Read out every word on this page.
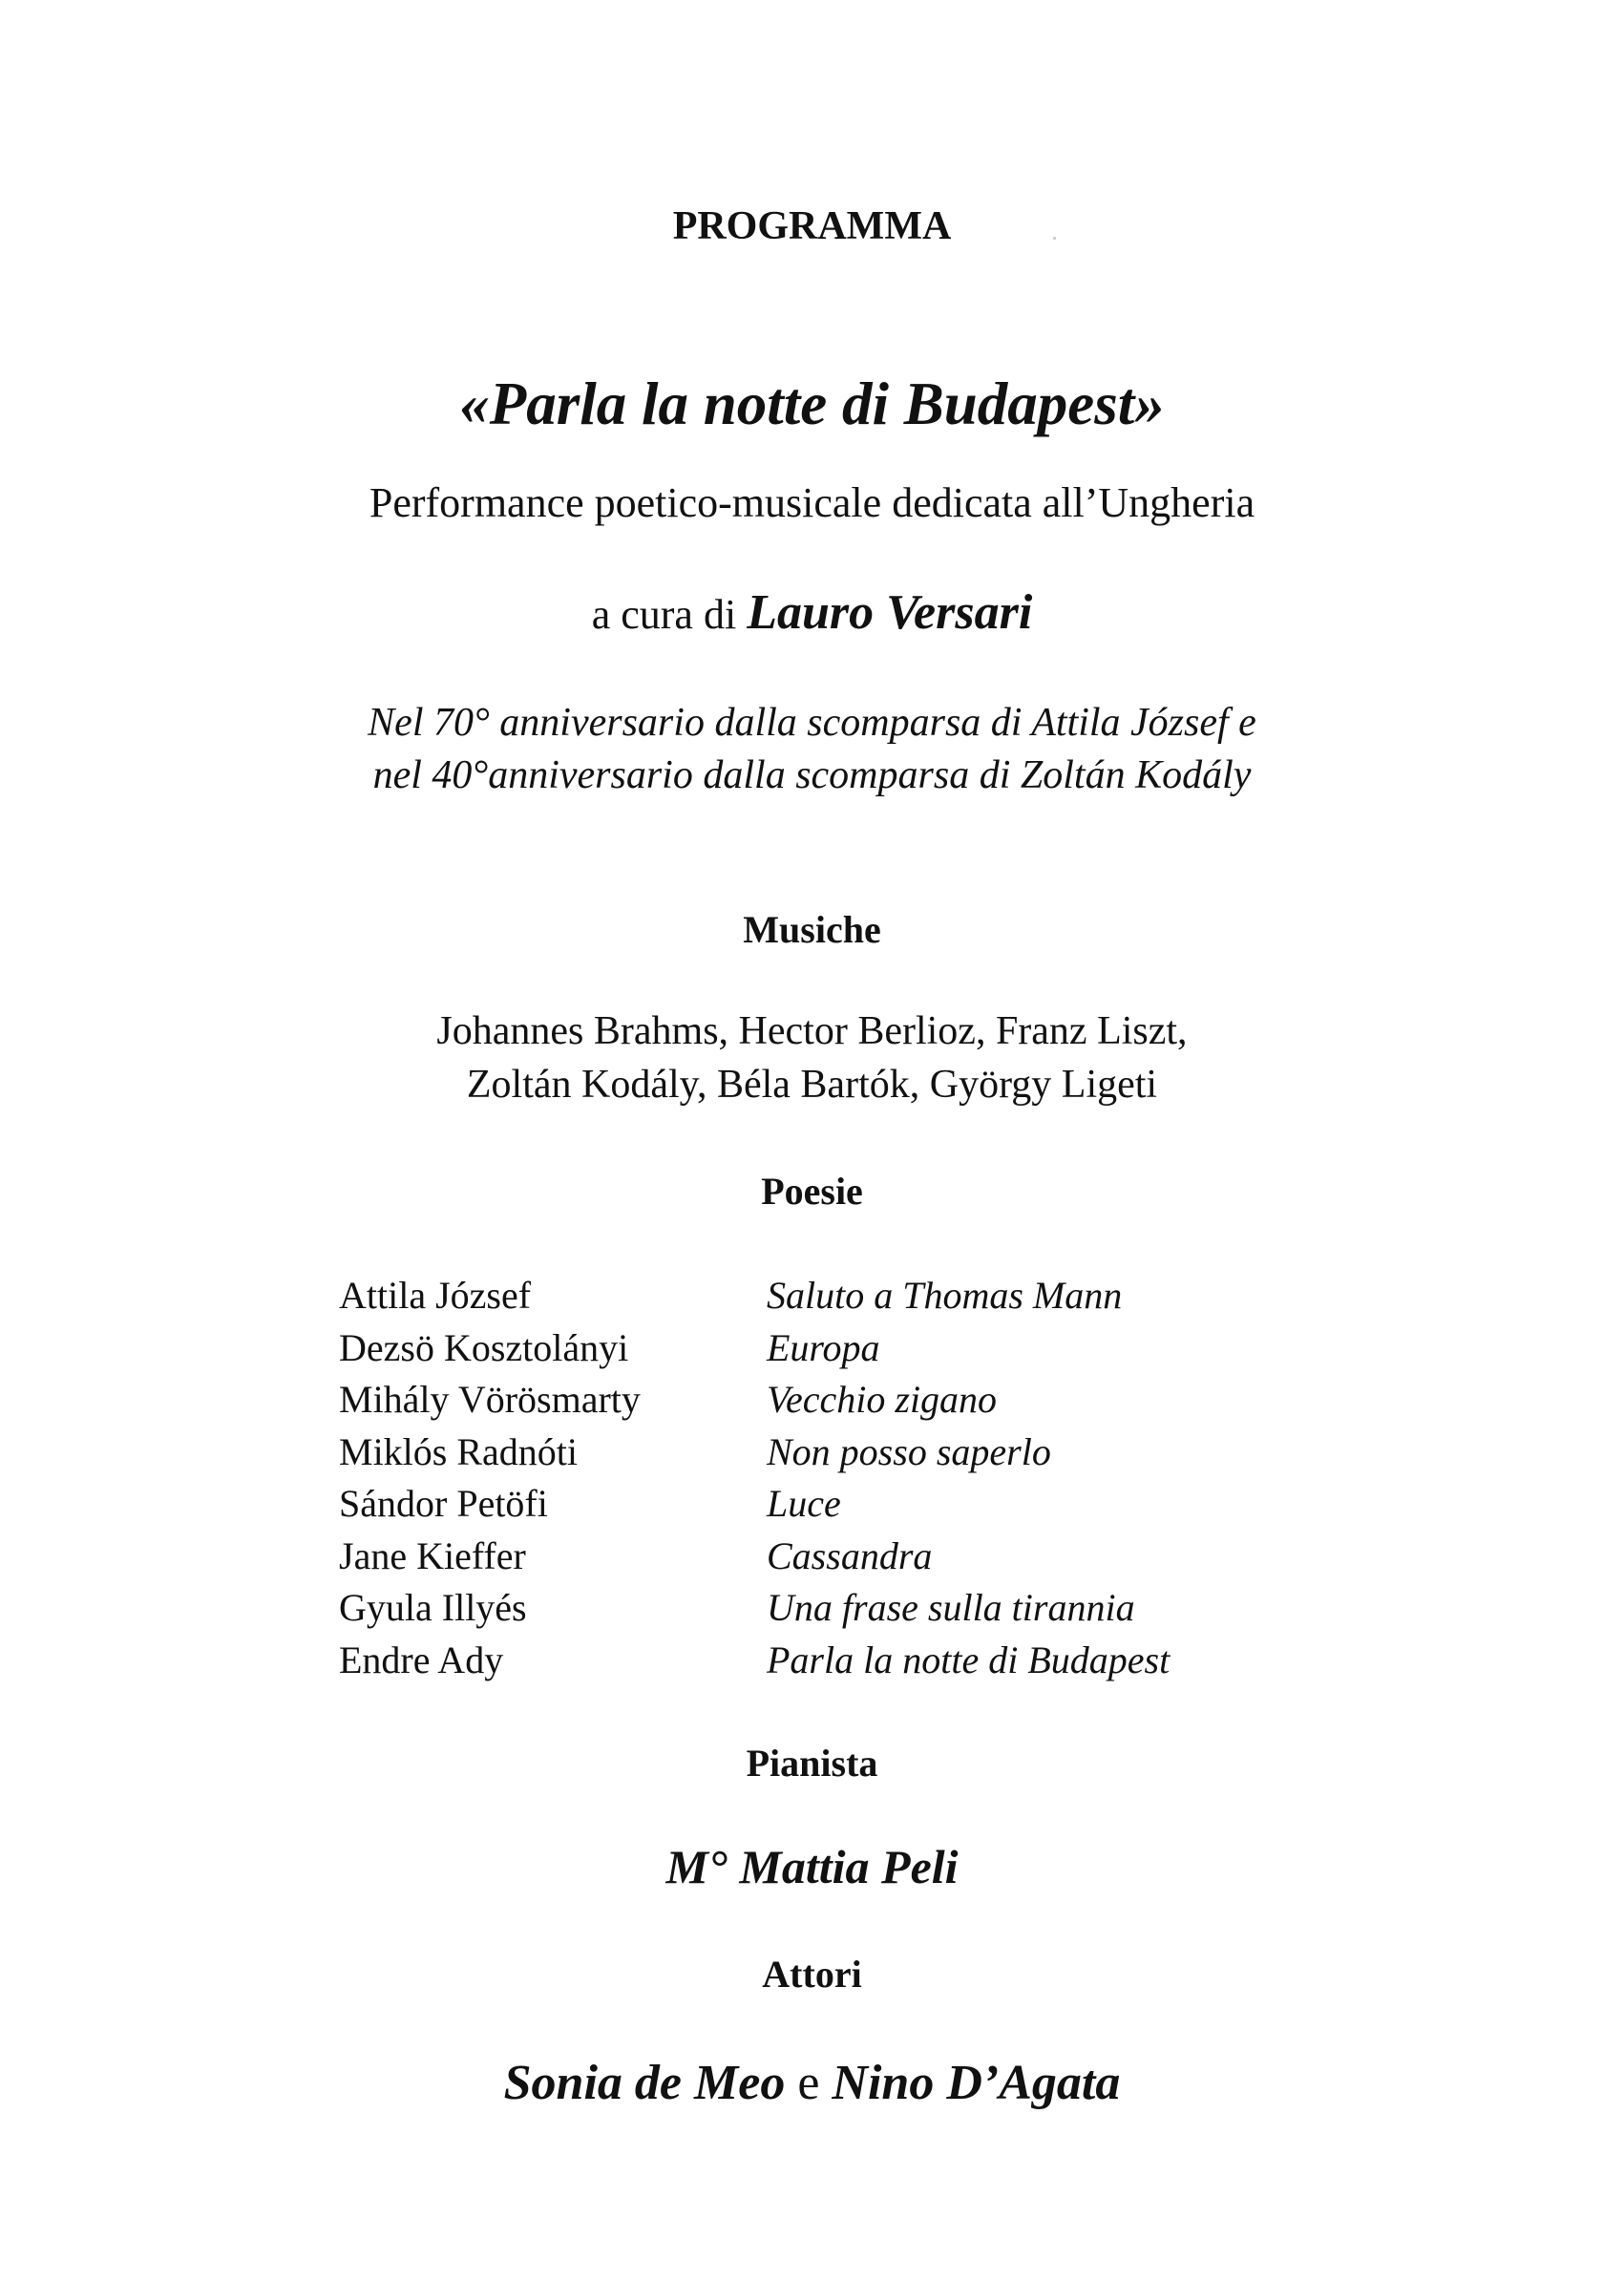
PROGRAMMA
«Parla la notte di Budapest»
Performance poetico-musicale dedicata all’Ungheria
a cura di Lauro Versari
Nel 70° anniversario dalla scomparsa di Attila József e
nel 40°anniversario dalla scomparsa di Zoltán Kodály
Musiche
Johannes Brahms, Hector Berlioz, Franz Liszt,
Zoltán Kodály, Béla Bartók, György Ligeti
Poesie
Attila József	Saluto a Thomas Mann
Dezsö Kosztolányi	Europa
Mihály Vörösmarty	Vecchio zigano
Miklós Radnóti	Non posso saperlo
Sándor Petöfi	Luce
Jane Kieffer	Cassandra
Gyula Illyés	Una frase sulla tirannia
Endre Ady	Parla la notte di Budapest
Pianista
M° Mattia Peli
Attori
Sonia de Meo e Nino D’Agata
